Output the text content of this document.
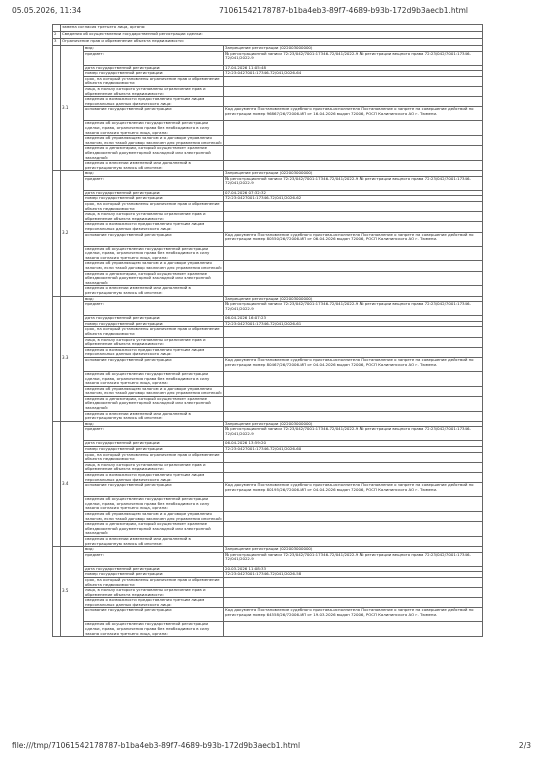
05.05.2026, 11:34	71061542178787-b1ba4eb3-89f7-4689-b93b-172d9b3aecb1.html
	замена согласия третьего лица, органа:		
2	Сведения об осуществлении государственной регистрации сделки:		
3	Ограничение прав и обременение объекта недвижимости:		
	3.1	вид:	Запрещение регистрации (022003000000)
		предмет:	№ регистрационной записи 72:23/042/7001:17346-72/041/2022-9 № регистрации вещного права 72:23/042/7001:17346-72/041/2022-9
		дата государственной регистрации:	17.04.2026 11:05:48
		номер государственной регистрации:	72:23:0427001:17346-72/041/2026-64
		срок, на который установлены ограничение прав и обременение объекта недвижимости:	
		лицо, в пользу которого установлены ограничение прав и обременение объекта недвижимости:	
		сведения о возможности предоставления третьим лицам персональных данных физического лица:	
		основание государственной регистрации:	Код документа Постановление судебного пристава-исполнителя Постановление о запрете на совершение действий по регистрации номер 96867/26/72006-ИП от 16.04.2026 выдан 72006, РОСП Калининского АО г. Тюмени.
		сведения об осуществлении государственной регистрации сделки, права, ограничения права без необходимого в силу закона согласия третьего лица, органа:	
		сведения об управляющем залогом и о договоре управления залогом, если такой договор заключен для управления ипотекой:	
		сведения о депозитарии, который осуществляет хранение обездвиженной документарной закладной или электронной закладной:	
		сведения о внесении изменений или дополнений в регистрационную запись об ипотеке:	
	3.2	вид:	Запрещение регистрации (022003000000)
		предмет:	№ регистрационной записи 72:23/042/7001:17346-72/041/2022-9 № регистрации вещного права 72:23/042/7001:17346-72/041/2022-9
		дата государственной регистрации:	07.04.2026 07:32:32
		номер государственной регистрации:	72:23:0427001:17346-72/041/2026-62
		срок, на который установлены ограничение прав и обременение объекта недвижимости:	
		лицо, в пользу которого установлены ограничение прав и обременение объекта недвижимости:	
		сведения о возможности предоставления третьим лицам персональных данных физического лица:	
		основание государственной регистрации:	Код документа Постановление судебного пристава-исполнителя Постановление о запрете на совершение действий по регистрации номер 80550/26/72006-ИП от 06.04.2026 выдан 72006, РОСП Калининского АО г. Тюмени.
		сведения об осуществлении государственной регистрации сделки, права, ограничения права без необходимого в силу закона согласия третьего лица, органа:	
		сведения об управляющем залогом и о договоре управления залогом, если такой договор заключен для управления ипотекой:	
		сведения о депозитарии, который осуществляет хранение обездвиженной документарной закладной или электронной закладной:	
		сведения о внесении изменений или дополнений в регистрационную запись об ипотеке:	
	3.3	вид:	Запрещение регистрации (022003000000)
		предмет:	№ регистрационной записи 72:23/042/7001:17346-72/041/2022-9 № регистрации вещного права 72:23/042/7001:17346-72/041/2022-9
		дата государственной регистрации:	06.04.2026 16:07:23
		номер государственной регистрации:	72:23:0427001:17346-72/041/2026-61
		срок, на который установлены ограничение прав и обременение объекта недвижимости:	
		лицо, в пользу которого установлены ограничение прав и обременение объекта недвижимости:	
		сведения о возможности предоставления третьим лицам персональных данных физического лица:	
		основание государственной регистрации:	Код документа Постановление судебного пристава-исполнителя Постановление о запрете на совершение действий по регистрации номер 80467/26/72006-ИП от 04.04.2026 выдан 72006, РОСП Калининского АО г. Тюмени.
		сведения об осуществлении государственной регистрации сделки, права, ограничения права без необходимого в силу закона согласия третьего лица, органа:	
		сведения об управляющем залогом и о договоре управления залогом, если такой договор заключен для управления ипотекой:	
		сведения о депозитарии, который осуществляет хранение обездвиженной документарной закладной или электронной закладной:	
		сведения о внесении изменений или дополнений в регистрационную запись об ипотеке:	
	3.4	вид:	Запрещение регистрации (022003000000)
		предмет:	№ регистрационной записи 72:23/042/7001:17346-72/041/2022-9 № регистрации вещного права 72:23/042/7001:17346-72/041/2022-9
		дата государственной регистрации:	06.04.2026 13:59:20
		номер государственной регистрации:	72:23:0427001:17346-72/041/2026-60
		срок, на который установлены ограничение прав и обременение объекта недвижимости:	
		лицо, в пользу которого установлены ограничение прав и обременение объекта недвижимости:	
		сведения о возможности предоставления третьим лицам персональных данных физического лица:	
		основание государственной регистрации:	Код документа Постановление судебного пристава-исполнителя Постановление о запрете на совершение действий по регистрации номер 80195/26/72006-ИП от 04.04.2026 выдан 72006, РОСП Калининского АО г. Тюмени.
		сведения об осуществлении государственной регистрации сделки, права, ограничения права без необходимого в силу закона согласия третьего лица, органа:	
		сведения об управляющем залогом и о договоре управления залогом, если такой договор заключен для управления ипотекой:	
		сведения о депозитарии, который осуществляет хранение обездвиженной документарной закладной или электронной закладной:	
		сведения о внесении изменений или дополнений в регистрационную запись об ипотеке:	
	3.5	вид:	Запрещение регистрации (022003000000)
		предмет:	№ регистрационной записи 72:23/042/7001:17346-72/041/2022-9 № регистрации вещного права 72:23/042/7001:17346-72/041/2022-9
		дата государственной регистрации:	20.03.2026 11:08:33
		номер государственной регистрации:	72:23:0427001:17346-72/041/2026-58
		срок, на который установлены ограничение прав и обременение объекта недвижимости:	
		лицо, в пользу которого установлены ограничение прав и обременение объекта недвижимости:	
		сведения о возможности предоставления третьим лицам персональных данных физического лица:	
		основание государственной регистрации:	Код документа Постановление судебного пристава-исполнителя Постановление о запрете на совершение действий по регистрации номер 64558/26/72006-ИП от 19.03.2026 выдан 72006, РОСП Калининского АО г. Тюмени.
		сведения об осуществлении государственной регистрации сделки, права, ограничения права без необходимого в силу закона согласия третьего лица, органа:	
file:///tmp/71061542178787-b1ba4eb3-89f7-4689-b93b-172d9b3aecb1.html	2/3
